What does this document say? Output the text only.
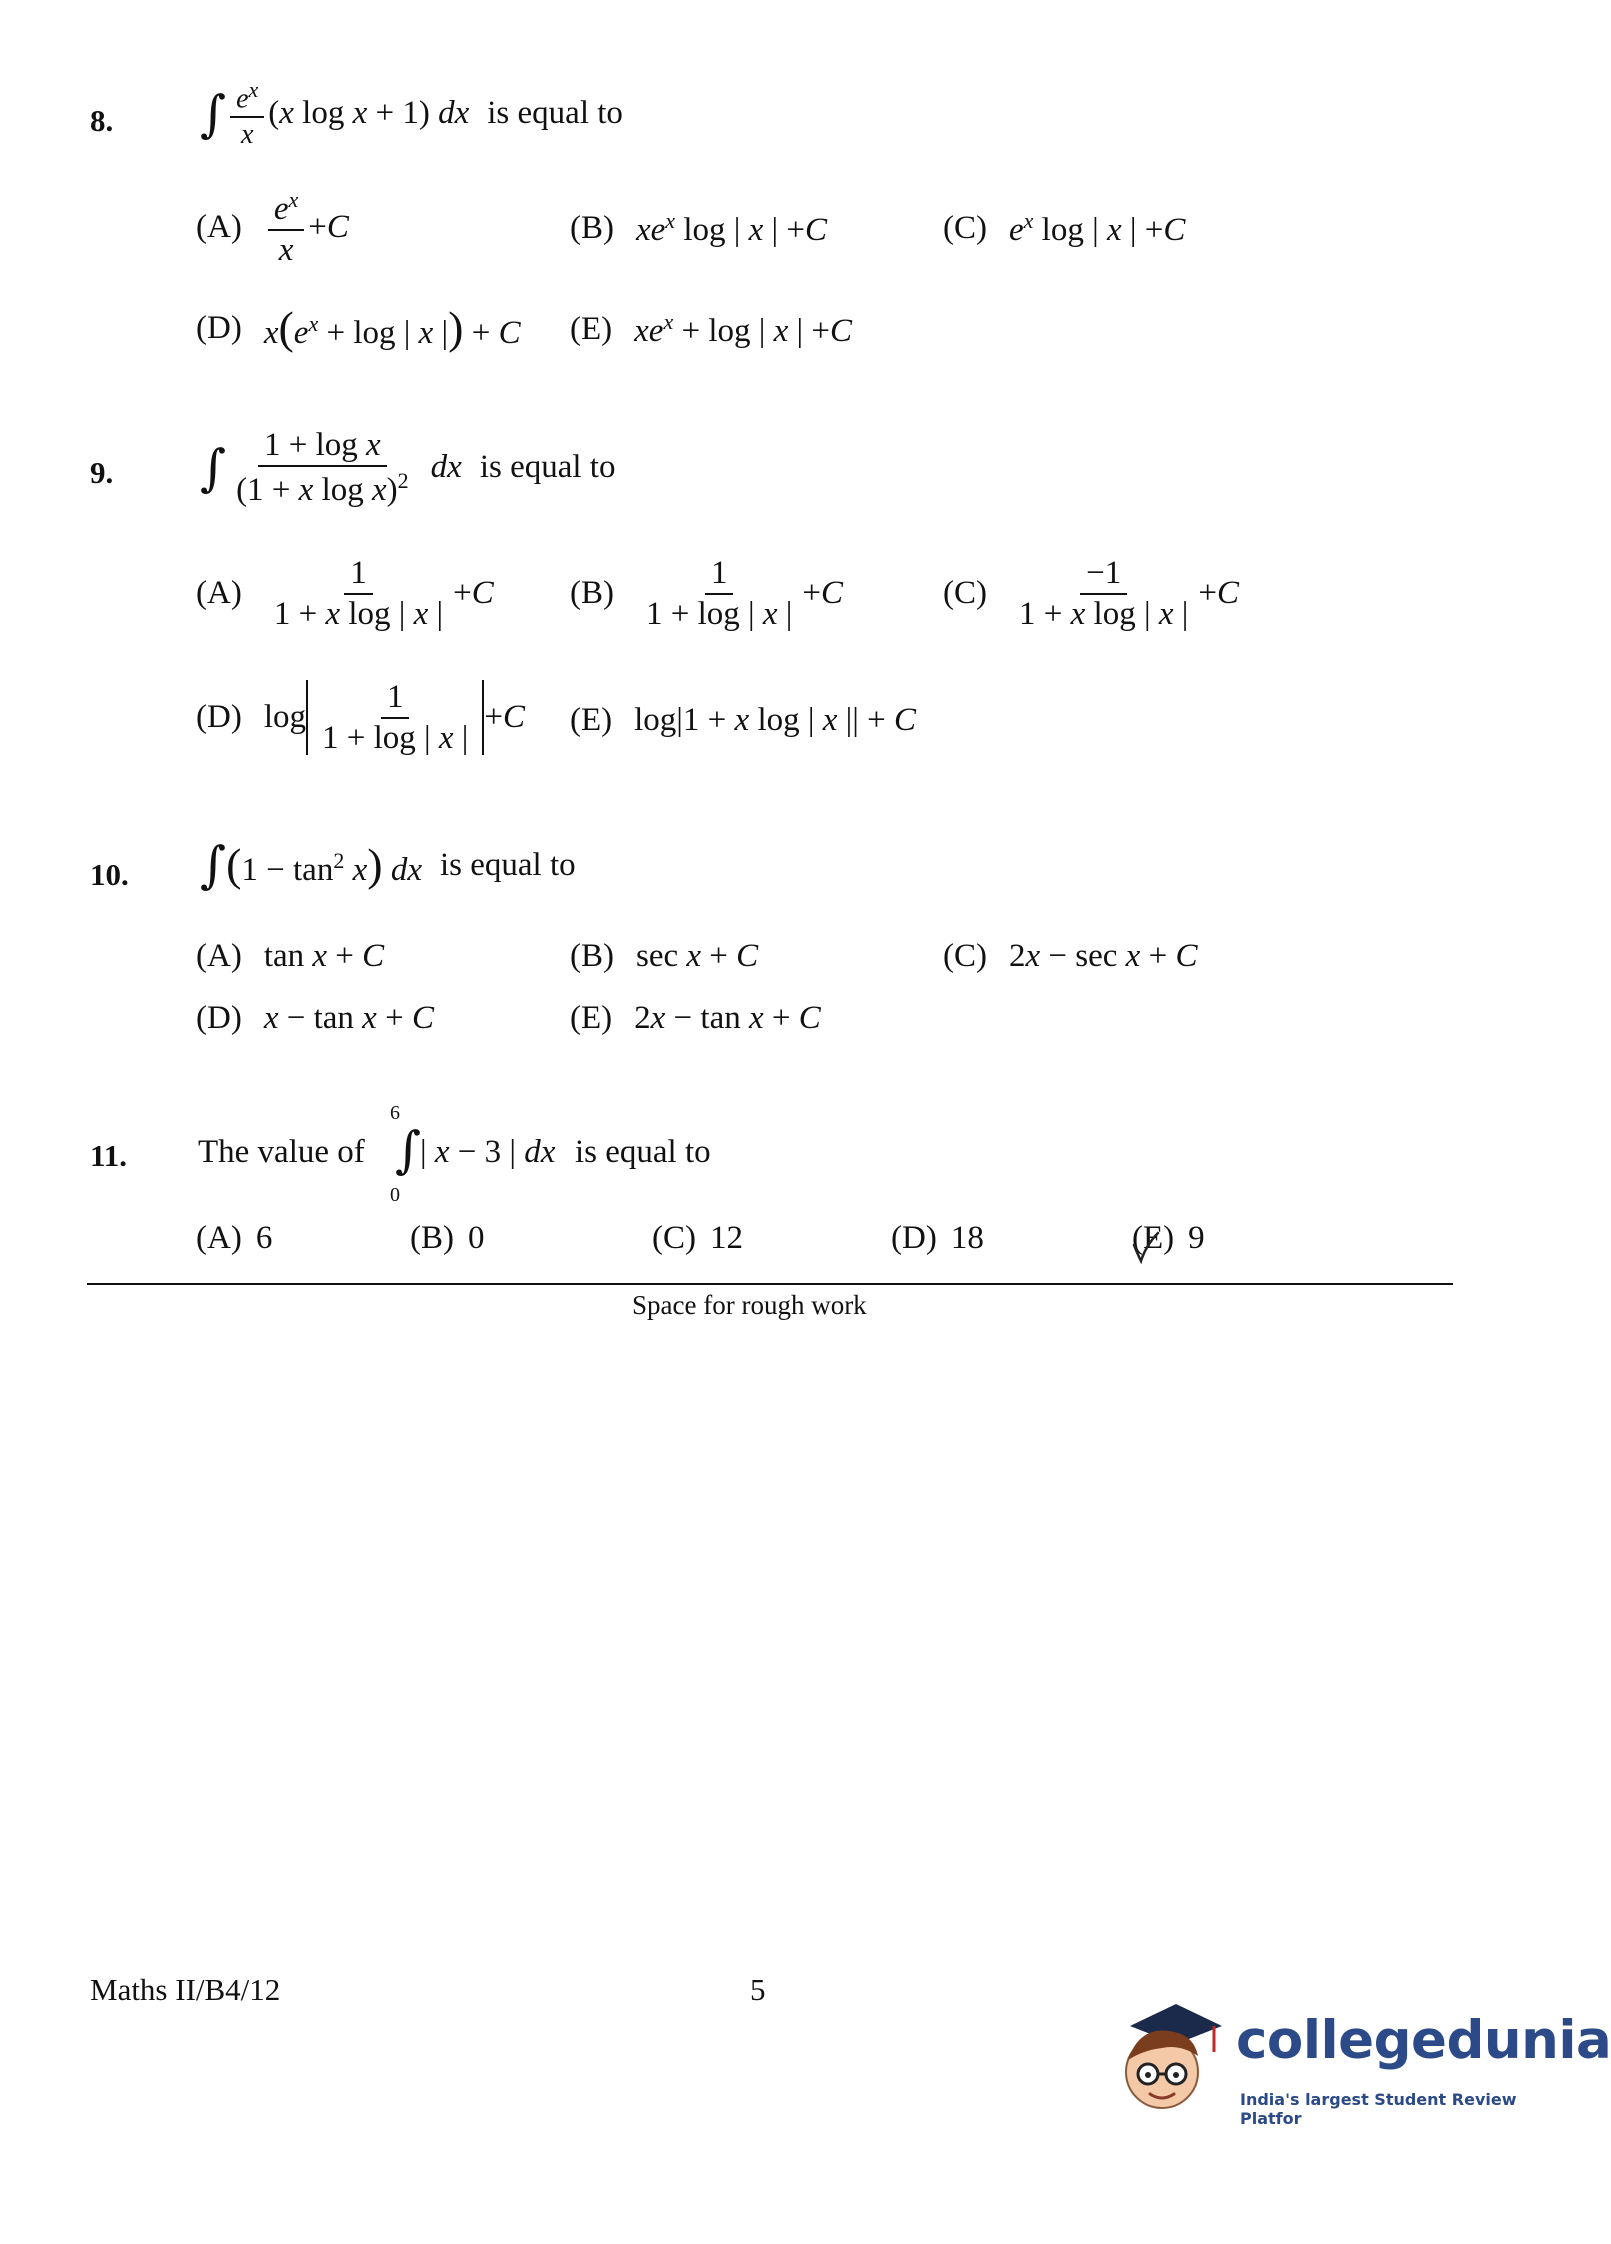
8. ∫ $\frac{e^x}{x} (x$ log x + 1) dx is equal to
$(A) \frac{e^x}{x} +C$	(B) $xe^x$ log | x | +C	(C) $e^x$ log | x | +C
(D) $x(e^x + \log$ | x |) + C (E) $xe^x + \log$ | x | +C
9. ∫ $\frac{\text{1 + log x}}{(1 + x \log x)^2}$ dx is equal to
$(A) \frac{1}{\text{1 + x log | x |}} +C$ $(B) \frac{1}{1 + \log | x |} +C$	$(C) \frac{-1}{\text{1 + x log | x |}} +C$
(D) $\log \frac{1}{1 + \log | x |} +C$ (E) log|1 + x log | x || + C
10. ∫ $(1 - \tan^2 x)$ dx is equal to
(A) tan x + C	(B) sec x + C	(C) 2x − sec x + C
(D) x − tan x + C	(E) 2x − tan x + C
11. The value of
6
∫
0
| x − 3 | dx is equal to
(A) 6	(B) 0	(C) 12	(D) 18	(E) 9
Space for rough work
Maths II/B4/12	5
collegedunia
India's largest Student Review Platfor
